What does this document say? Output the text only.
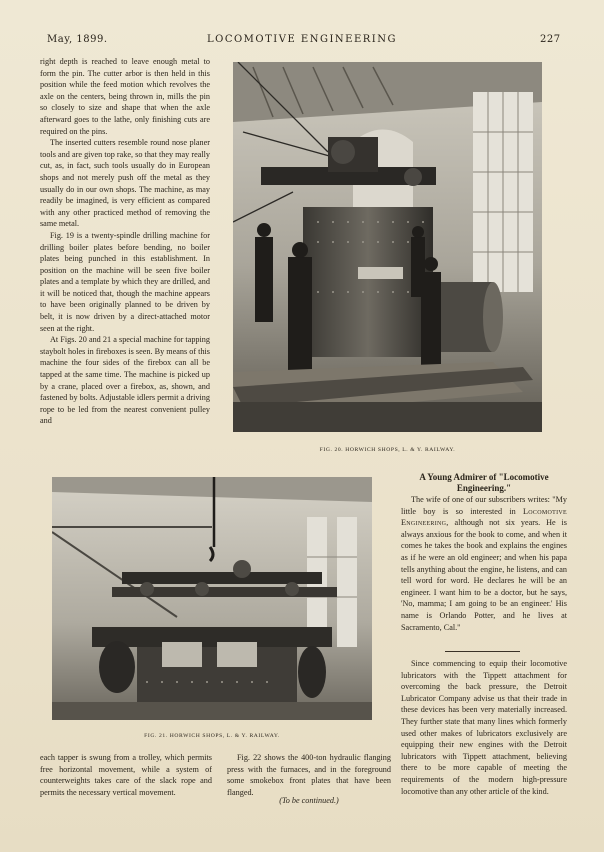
May, 1899.	LOCOMOTIVE ENGINEERING	227

right depth is reached to leave enough metal to form the pin. The cutter arbor is then held in this position while the feed motion which revolves the axle on the centers, being thrown in, mills the pin so closely to size and shape that when the axle afterward goes to the lathe, only finishing cuts are required on the pins.

The inserted cutters resemble round nose planer tools and are given top rake, so that they may really cut, as, in fact, such tools usually do in European shops and not merely push off the metal as they usually do in our own shops. The machine, as may readily be imagined, is very efficient as compared with any other practiced method of removing the same metal.

Fig. 19 is a twenty-spindle drilling machine for drilling boiler plates before bending, no boiler plates being punched in this establishment. In position on the machine will be seen five boiler plates and a template by which they are drilled, and it will be noticed that, though the machine appears to have been originally planned to be driven by belt, it is now driven by a direct-attached motor seen at the right.

At Figs. 20 and 21 a special machine for tapping staybolt holes in fireboxes is seen. By means of this machine the four sides of the firebox can all be tapped at the same time. The machine is picked up by a crane, placed over a firebox, as, shown, and fastened by bolts. Adjustable idlers permit a driving rope to be led from the nearest convenient pulley and

FIG. 20. HORWICH SHOPS, L. & Y. RAILWAY.
FIG. 21. HORWICH SHOPS, L. & Y. RAILWAY.
A Young Admirer of "Locomotive Engineering."

The wife of one of our subscribers writes: "My little boy is so interested in Locomotive Engineering, although not six years. He is always anxious for the book to come, and when it comes he takes the book and explains the engines as if he were an old engineer; and when his papa tells anything about the engine, he listens, and can tell word for word. He declares he will be an engineer. I want him to be a doctor, but he says, 'No, mamma; I am going to be an engineer.' His name is Orlando Potter, and he lives at Sacramento, Cal."

Since commencing to equip their locomotive lubricators with the Tippett attachment for overcoming the back pressure, the Detroit Lubricator Company advise us that their trade in these devices has been very materially increased. They further state that many lines which formerly used other makes of lubricators exclusively are equipping their new engines with the Detroit lubricators with Tippett attachment, believing there to be more capable of meeting the requirements of the modern high-pressure locomotive than any other article of the kind.

each tapper is swung from a trolley, which permits free horizontal movement, while a system of counterweights takes care of the slack rope and permits the necessary vertical movement.

Fig. 22 shows the 400-ton hydraulic flanging press with the furnaces, and in the foreground some smokebox front plates that have been flanged.

(To be continued.)
